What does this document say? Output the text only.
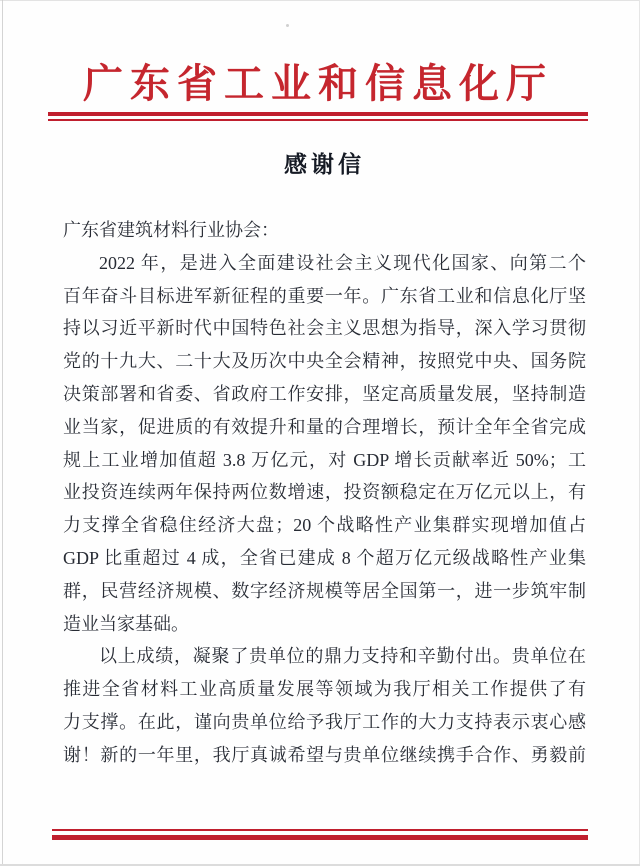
广东省工业和信息化厅
感谢信
广东省建筑材料行业协会：
2022 年，是进入全面建设社会主义现代化国家、向第二个
百年奋斗目标进军新征程的重要一年。广东省工业和信息化厅坚
持以习近平新时代中国特色社会主义思想为指导，深入学习贯彻
党的十九大、二十大及历次中央全会精神，按照党中央、国务院
决策部署和省委、省政府工作安排，坚定高质量发展，坚持制造
业当家，促进质的有效提升和量的合理增长，预计全年全省完成
规上工业增加值超 3.8 万亿元，对 GDP 增长贡献率近 50%；工
业投资连续两年保持两位数增速，投资额稳定在万亿元以上，有
力支撑全省稳住经济大盘；20 个战略性产业集群实现增加值占
GDP 比重超过 4 成，全省已建成 8 个超万亿元级战略性产业集
群，民营经济规模、数字经济规模等居全国第一，进一步筑牢制
造业当家基础。
以上成绩，凝聚了贵单位的鼎力支持和辛勤付出。贵单位在
推进全省材料工业高质量发展等领域为我厅相关工作提供了有
力支撑。在此，谨向贵单位给予我厅工作的大力支持表示衷心感
谢！新的一年里，我厅真诚希望与贵单位继续携手合作、勇毅前
